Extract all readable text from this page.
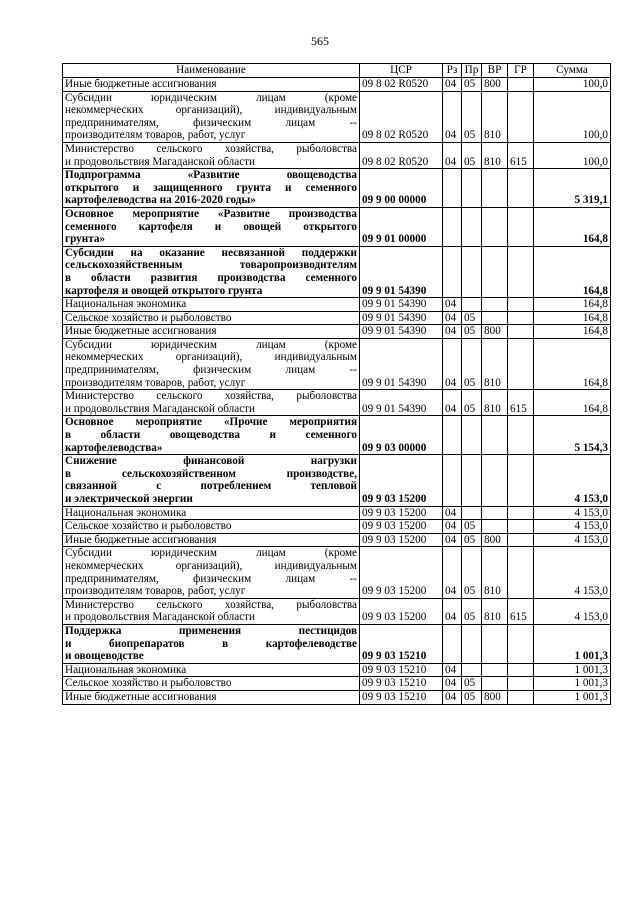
565
Наименование	ЦСР	Рз	Пр	ВР	ГР	Сумма

Иные бюджетные ассигнования	09 8 02 R0520	04	05	800		100,0

Субсидии юридическим лицам (кроме
некоммерческих организаций), индивидуальным
предпринимателям, физическим лицам --
производителям товаров, работ, услуг	09 8 02 R0520	04	05	810		100,0

Министерство сельского хозяйства, рыболовства
и продовольствия Магаданской области	09 8 02 R0520	04	05	810	615	100,0

Подпрограмма «Развитие овощеводства
открытого и защищенного грунта и семенного
картофелеводства на 2016-2020 годы»	09 9 00 00000					5 319,1

Основное мероприятие «Развитие производства
семенного картофеля и овощей открытого
грунта»	09 9 01 00000					164,8

Субсидии на оказание несвязанной поддержки
сельскохозяйственным товаропроизводителям
в области развития производства семенного
картофеля и овощей открытого грунта	09 9 01 54390					164,8

Национальная экономика	09 9 01 54390	04				164,8

Сельское хозяйство и рыболовство	09 9 01 54390	04	05			164,8

Иные бюджетные ассигнования	09 9 01 54390	04	05	800		164,8

Субсидии юридическим лицам (кроме
некоммерческих организаций), индивидуальным
предпринимателям, физическим лицам --
производителям товаров, работ, услуг	09 9 01 54390	04	05	810		164,8

Министерство сельского хозяйства, рыболовства
и продовольствия Магаданской области	09 9 01 54390	04	05	810	615	164,8

Основное мероприятие «Прочие мероприятия
в области овощеводства и семенного
картофелеводства»	09 9 03 00000					5 154,3

Снижение финансовой нагрузки
в сельскохозяйственном производстве,
связанной с потреблением тепловой
и электрической энергии	09 9 03 15200					4 153,0

Национальная экономика	09 9 03 15200	04				4 153,0

Сельское хозяйство и рыболовство	09 9 03 15200	04	05			4 153,0

Иные бюджетные ассигнования	09 9 03 15200	04	05	800		4 153,0

Субсидии юридическим лицам (кроме
некоммерческих организаций), индивидуальным
предпринимателям, физическим лицам --
производителям товаров, работ, услуг	09 9 03 15200	04	05	810		4 153,0

Министерство сельского хозяйства, рыболовства
и продовольствия Магаданской области	09 9 03 15200	04	05	810	615	4 153,0

Поддержка применения пестицидов
и биопрепаратов в картофелеводстве
и овощеводстве	09 9 03 15210					1 001,3

Национальная экономика	09 9 03 15210	04				1 001,3

Сельское хозяйство и рыболовство	09 9 03 15210	04	05			1 001,3

Иные бюджетные ассигнования	09 9 03 15210	04	05	800		1 001,3
